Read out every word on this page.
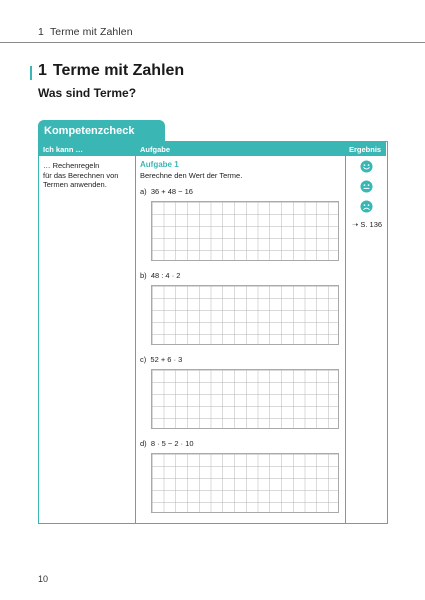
1 Terme mit Zahlen
1 Terme mit Zahlen
Was sind Terme?
Kompetenzcheck
Ich kann …	Aufgabe	Ergebnis
… Rechenregeln
für das Berechnen von
Termen anwenden.
Aufgabe 1
Berechne den Wert der Terme.
a) 36 + 48 − 16
b) 48 : 4 · 2
c) 52 + 6 · 3
d) 8 · 5 − 2 · 10
➝ S. 136
10
